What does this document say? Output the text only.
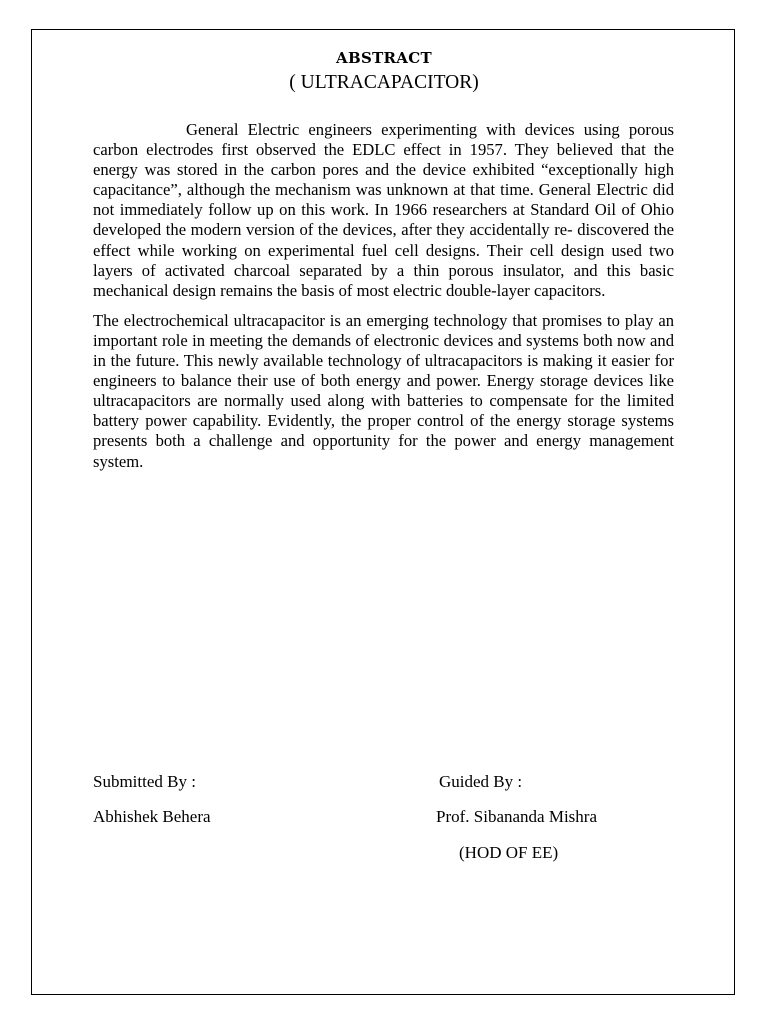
ABSTRACT
( ULTRACAPACITOR)

General Electric engineers experimenting with devices using porous carbon electrodes first observed the EDLC effect in 1957. They believed that the energy was stored in the carbon pores and the device exhibited “exceptionally high capacitance”, although the mechanism was unknown at that time. General Electric did not immediately follow up on this work. In 1966 researchers at Standard Oil of Ohio developed the modern version of the devices, after they accidentally re- discovered the effect while working on experimental fuel cell designs. Their cell design used two layers of activated charcoal separated by a thin porous insulator, and this basic mechanical design remains the basis of most electric double-layer capacitors.

The electrochemical ultracapacitor is an emerging technology that promises to play an important role in meeting the demands of electronic devices and systems both now and in the future. This newly available technology of ultracapacitors is making it easier for engineers to balance their use of both energy and power. Energy storage devices like ultracapacitors are normally used along with batteries to compensate for the limited battery power capability. Evidently, the proper control of the energy storage systems presents both a challenge and opportunity for the power and energy management system.

Submitted By :
Abhishek Behera
Guided By :
Prof. Sibananda Mishra
(HOD OF EE)
